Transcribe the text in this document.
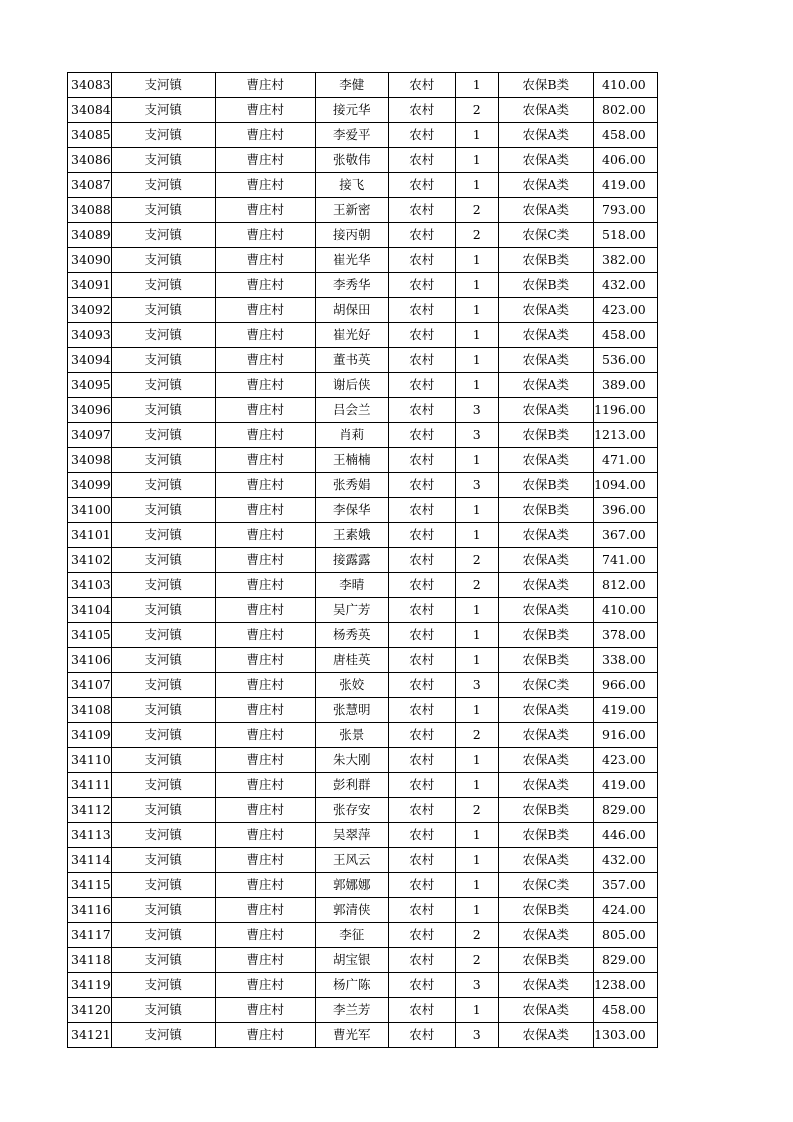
34083	支河镇	曹庄村	李健	农村	1	农保B类	410.00
34084	支河镇	曹庄村	接元华	农村	2	农保A类	802.00
34085	支河镇	曹庄村	李爱平	农村	1	农保A类	458.00
34086	支河镇	曹庄村	张敬伟	农村	1	农保A类	406.00
34087	支河镇	曹庄村	接飞	农村	1	农保A类	419.00
34088	支河镇	曹庄村	王新密	农村	2	农保A类	793.00
34089	支河镇	曹庄村	接丙朝	农村	2	农保C类	518.00
34090	支河镇	曹庄村	崔光华	农村	1	农保B类	382.00
34091	支河镇	曹庄村	李秀华	农村	1	农保B类	432.00
34092	支河镇	曹庄村	胡保田	农村	1	农保A类	423.00
34093	支河镇	曹庄村	崔光好	农村	1	农保A类	458.00
34094	支河镇	曹庄村	董书英	农村	1	农保A类	536.00
34095	支河镇	曹庄村	谢后侠	农村	1	农保A类	389.00
34096	支河镇	曹庄村	吕会兰	农村	3	农保A类	1196.00
34097	支河镇	曹庄村	肖莉	农村	3	农保B类	1213.00
34098	支河镇	曹庄村	王楠楠	农村	1	农保A类	471.00
34099	支河镇	曹庄村	张秀娟	农村	3	农保B类	1094.00
34100	支河镇	曹庄村	李保华	农村	1	农保B类	396.00
34101	支河镇	曹庄村	王素娥	农村	1	农保A类	367.00
34102	支河镇	曹庄村	接露露	农村	2	农保A类	741.00
34103	支河镇	曹庄村	李晴	农村	2	农保A类	812.00
34104	支河镇	曹庄村	吴广芳	农村	1	农保A类	410.00
34105	支河镇	曹庄村	杨秀英	农村	1	农保B类	378.00
34106	支河镇	曹庄村	唐桂英	农村	1	农保B类	338.00
34107	支河镇	曹庄村	张姣	农村	3	农保C类	966.00
34108	支河镇	曹庄村	张慧明	农村	1	农保A类	419.00
34109	支河镇	曹庄村	张景	农村	2	农保A类	916.00
34110	支河镇	曹庄村	朱大刚	农村	1	农保A类	423.00
34111	支河镇	曹庄村	彭利群	农村	1	农保A类	419.00
34112	支河镇	曹庄村	张存安	农村	2	农保B类	829.00
34113	支河镇	曹庄村	吴翠萍	农村	1	农保B类	446.00
34114	支河镇	曹庄村	王风云	农村	1	农保A类	432.00
34115	支河镇	曹庄村	郭娜娜	农村	1	农保C类	357.00
34116	支河镇	曹庄村	郭清侠	农村	1	农保B类	424.00
34117	支河镇	曹庄村	李征	农村	2	农保A类	805.00
34118	支河镇	曹庄村	胡宝银	农村	2	农保B类	829.00
34119	支河镇	曹庄村	杨广陈	农村	3	农保A类	1238.00
34120	支河镇	曹庄村	李兰芳	农村	1	农保A类	458.00
34121	支河镇	曹庄村	曹光军	农村	3	农保A类	1303.00
